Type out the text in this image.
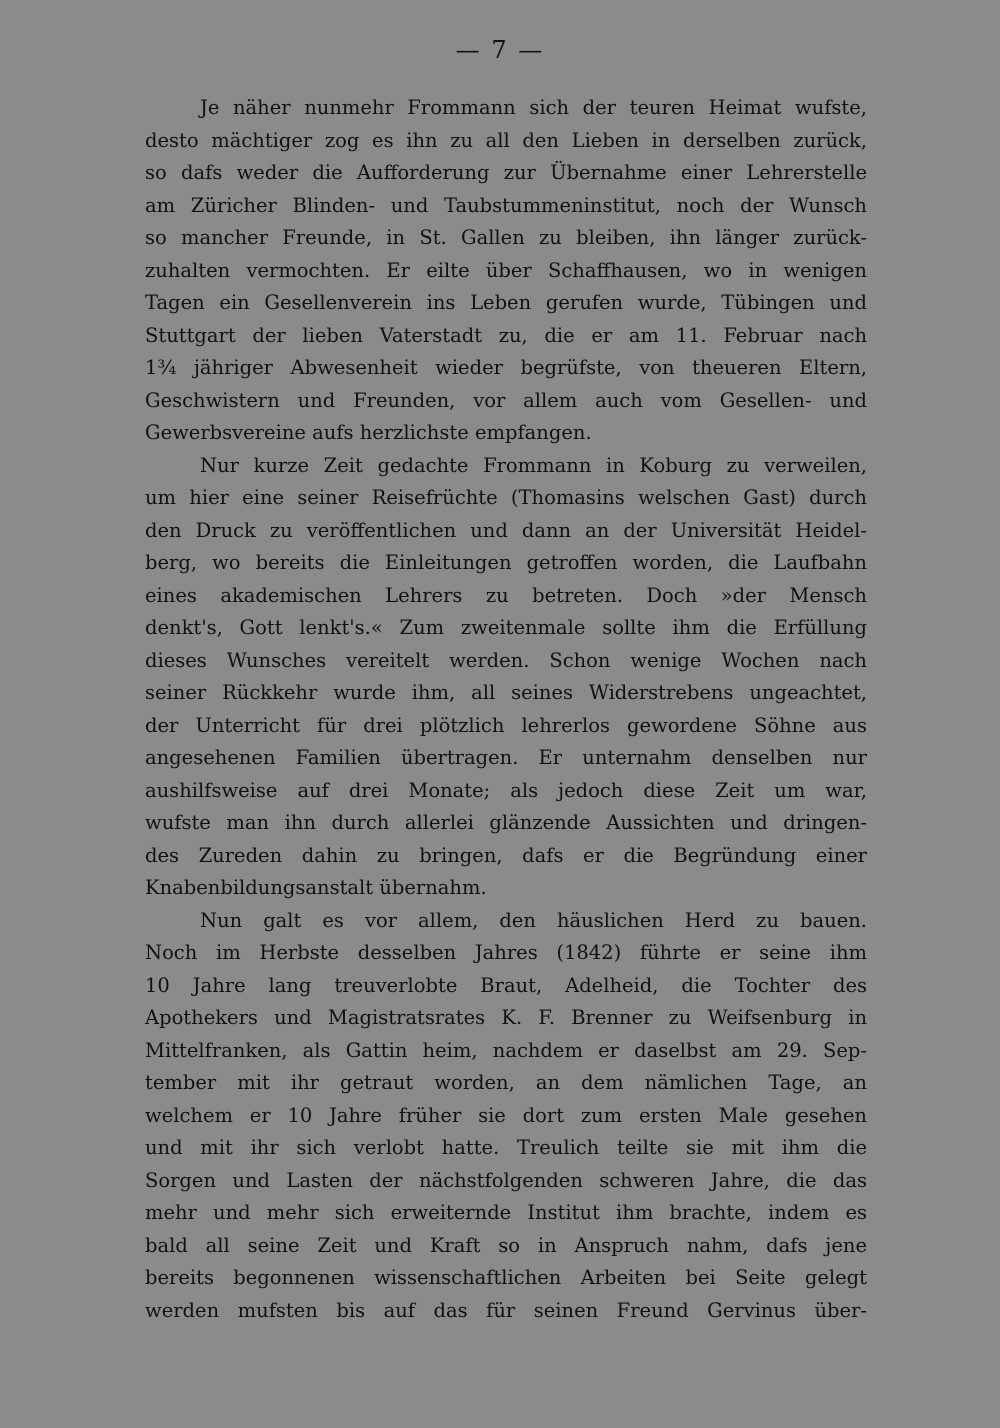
— 7 —
Je näher nunmehr Frommann sich der teuren Heimat wufste,
desto mächtiger zog es ihn zu all den Lieben in derselben zurück,
so dafs weder die Aufforderung zur Übernahme einer Lehrerstelle
am Züricher Blinden- und Taubstummeninstitut, noch der Wunsch
so mancher Freunde, in St. Gallen zu bleiben, ihn länger zurück-
zuhalten vermochten. Er eilte über Schaffhausen, wo in wenigen
Tagen ein Gesellenverein ins Leben gerufen wurde, Tübingen und
Stuttgart der lieben Vaterstadt zu, die er am 11. Februar nach
1¾ jähriger Abwesenheit wieder begrüfste, von theueren Eltern,
Geschwistern und Freunden, vor allem auch vom Gesellen- und
Gewerbsvereine aufs herzlichste empfangen.
Nur kurze Zeit gedachte Frommann in Koburg zu verweilen,
um hier eine seiner Reisefrüchte (Thomasins welschen Gast) durch
den Druck zu veröffentlichen und dann an der Universität Heidel-
berg, wo bereits die Einleitungen getroffen worden, die Laufbahn
eines akademischen Lehrers zu betreten. Doch »der Mensch
denkt's, Gott lenkt's.« Zum zweitenmale sollte ihm die Erfüllung
dieses Wunsches vereitelt werden. Schon wenige Wochen nach
seiner Rückkehr wurde ihm, all seines Widerstrebens ungeachtet,
der Unterricht für drei plötzlich lehrerlos gewordene Söhne aus
angesehenen Familien übertragen. Er unternahm denselben nur
aushilfsweise auf drei Monate; als jedoch diese Zeit um war,
wufste man ihn durch allerlei glänzende Aussichten und dringen-
des Zureden dahin zu bringen, dafs er die Begründung einer
Knabenbildungsanstalt übernahm.
Nun galt es vor allem, den häuslichen Herd zu bauen.
Noch im Herbste desselben Jahres (1842) führte er seine ihm
10 Jahre lang treuverlobte Braut, Adelheid, die Tochter des
Apothekers und Magistratsrates K. F. Brenner zu Weifsenburg in
Mittelfranken, als Gattin heim, nachdem er daselbst am 29. Sep-
tember mit ihr getraut worden, an dem nämlichen Tage, an
welchem er 10 Jahre früher sie dort zum ersten Male gesehen
und mit ihr sich verlobt hatte. Treulich teilte sie mit ihm die
Sorgen und Lasten der nächstfolgenden schweren Jahre, die das
mehr und mehr sich erweiternde Institut ihm brachte, indem es
bald all seine Zeit und Kraft so in Anspruch nahm, dafs jene
bereits begonnenen wissenschaftlichen Arbeiten bei Seite gelegt
werden mufsten bis auf das für seinen Freund Gervinus über-
